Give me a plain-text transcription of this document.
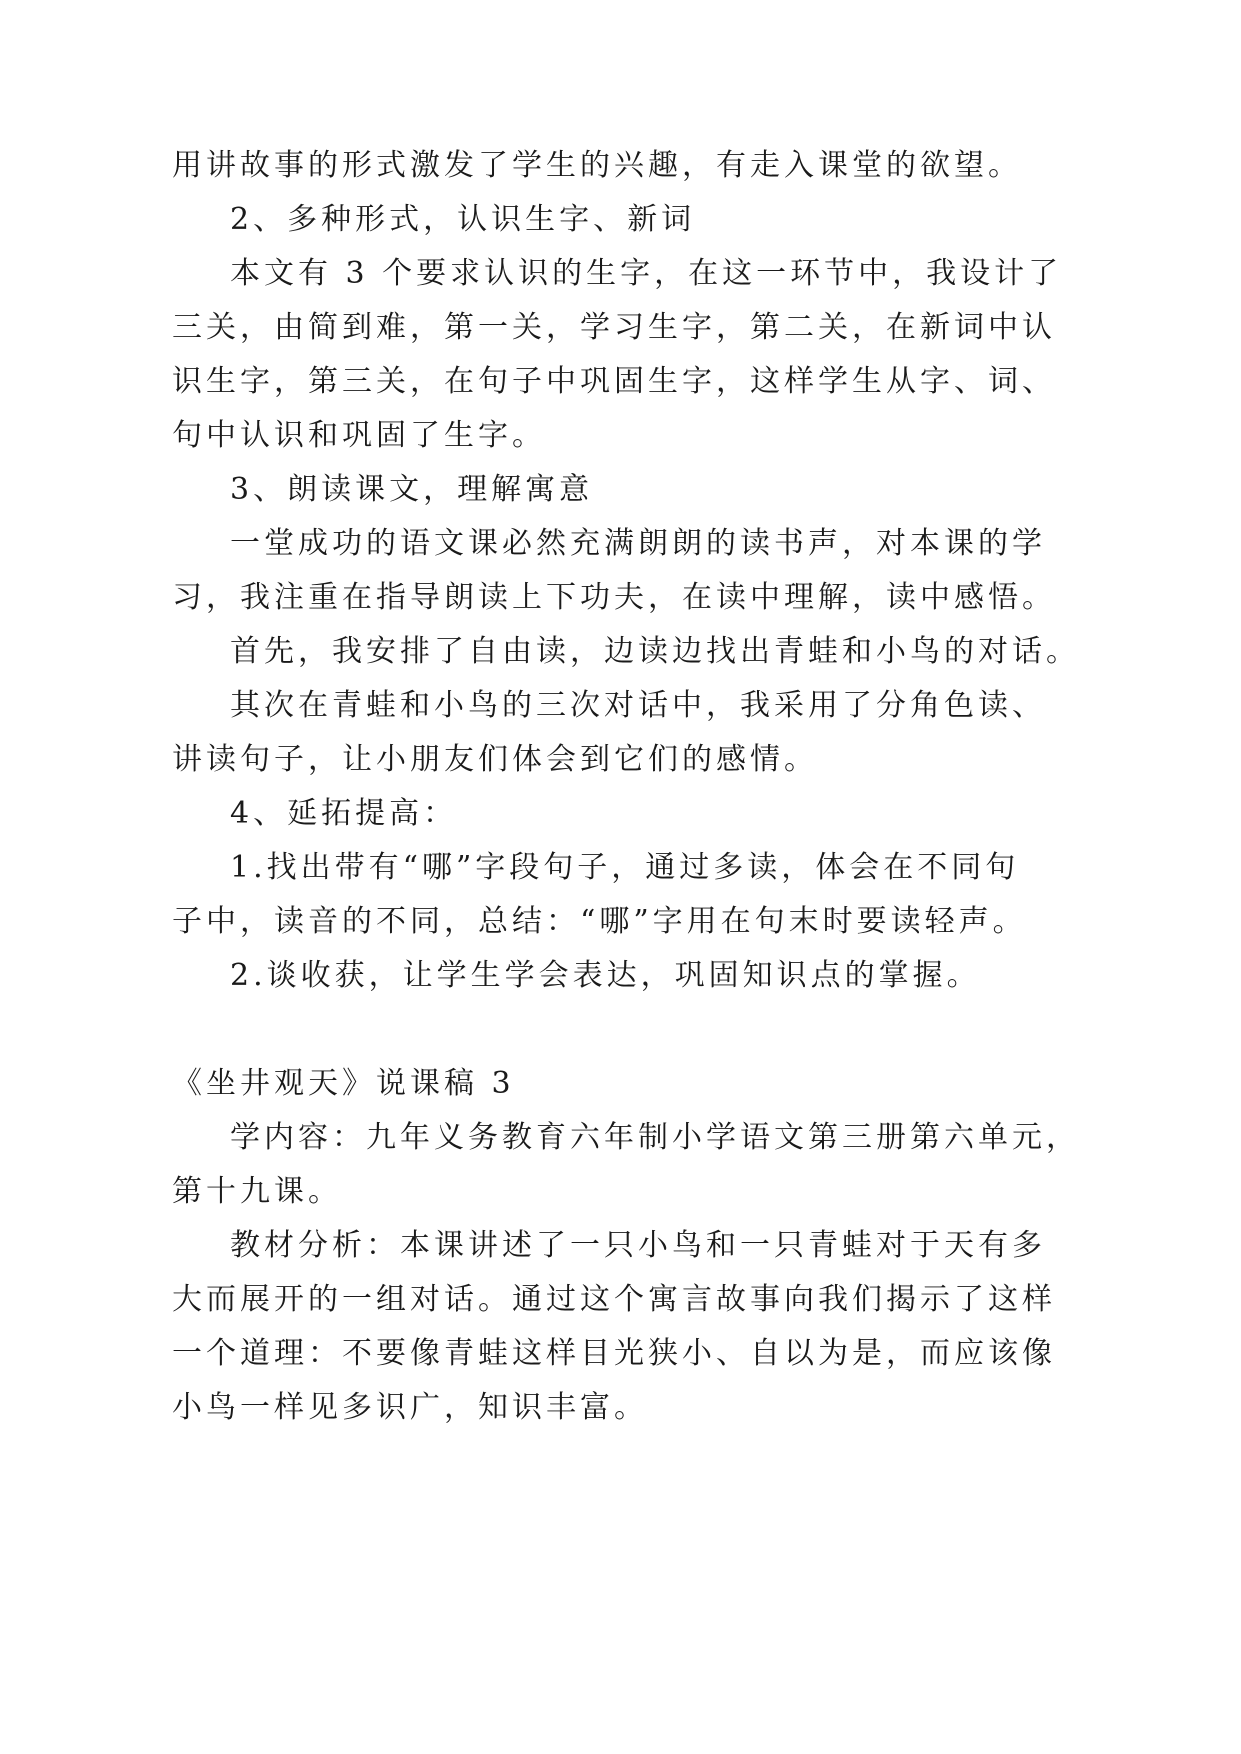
用讲故事的形式激发了学生的兴趣，有走入课堂的欲望。
2、多种形式，认识生字、新词
本文有 3 个要求认识的生字，在这一环节中，我设计了
三关，由简到难，第一关，学习生字，第二关，在新词中认
识生字，第三关，在句子中巩固生字，这样学生从字、词、
句中认识和巩固了生字。
3、朗读课文，理解寓意
一堂成功的语文课必然充满朗朗的读书声，对本课的学
习，我注重在指导朗读上下功夫，在读中理解，读中感悟。
首先，我安排了自由读，边读边找出青蛙和小鸟的对话。
其次在青蛙和小鸟的三次对话中，我采用了分角色读、
讲读句子，让小朋友们体会到它们的感情。
4、延拓提高：
1.找出带有“哪”字段句子，通过多读，体会在不同句
子中，读音的不同，总结：“哪”字用在句末时要读轻声。
2.谈收获，让学生学会表达，巩固知识点的掌握。
《坐井观天》说课稿 3
学内容：九年义务教育六年制小学语文第三册第六单元，
第十九课。
教材分析：本课讲述了一只小鸟和一只青蛙对于天有多
大而展开的一组对话。通过这个寓言故事向我们揭示了这样
一个道理：不要像青蛙这样目光狭小、自以为是，而应该像
小鸟一样见多识广，知识丰富。
